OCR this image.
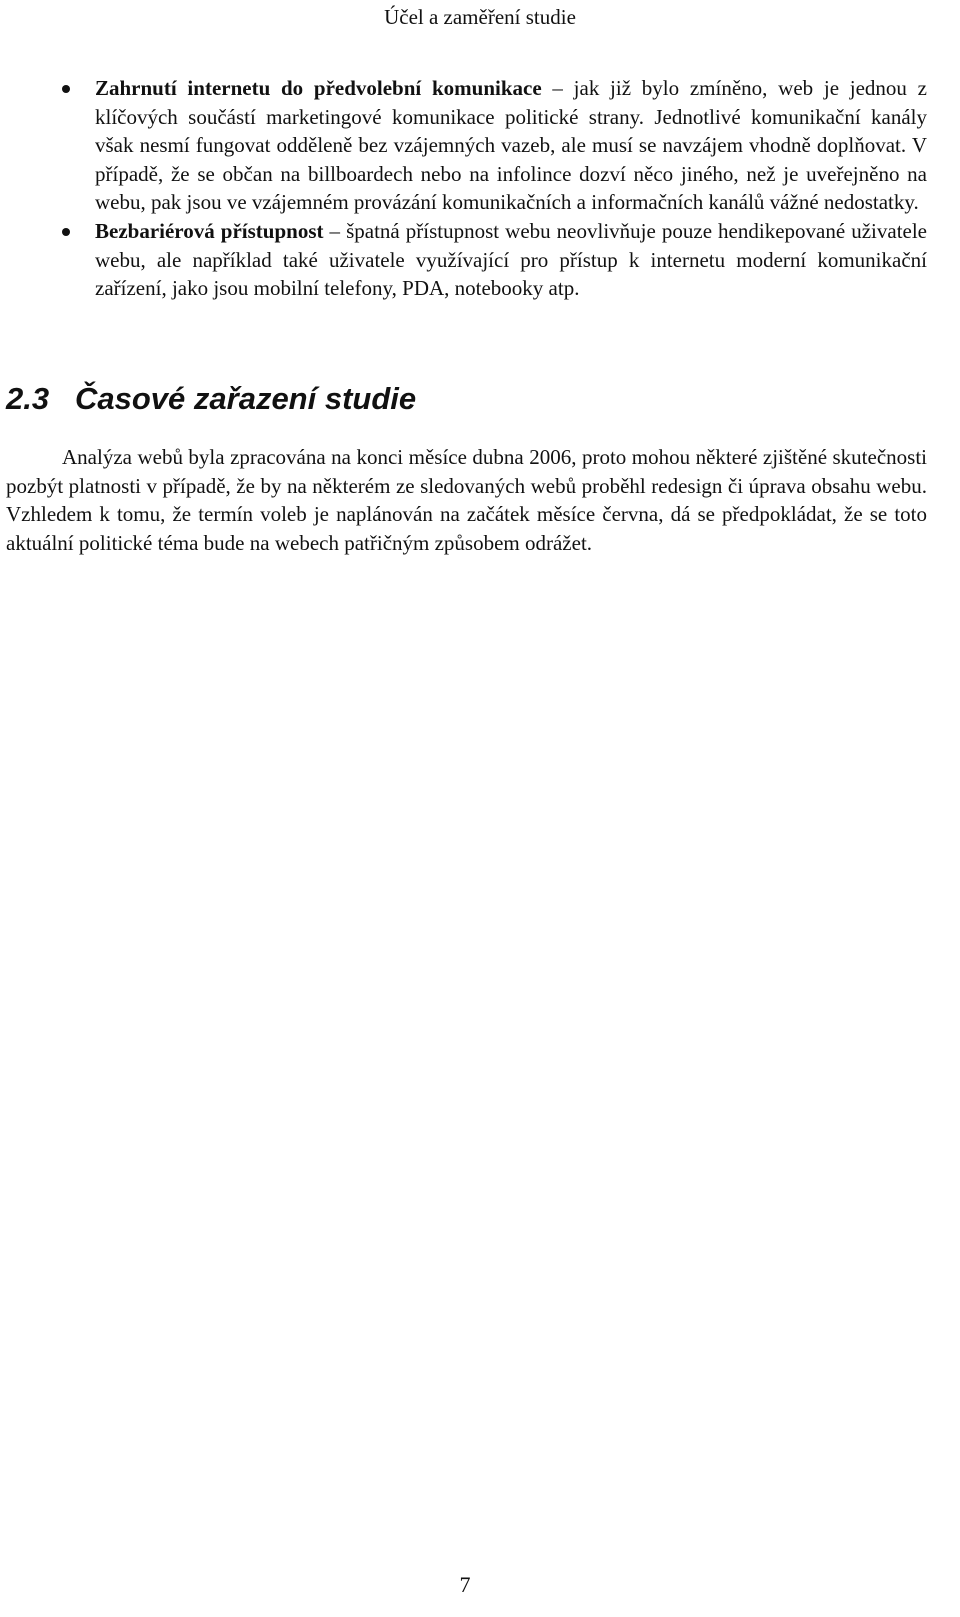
Účel a zaměření studie
Zahrnutí internetu do předvolební komunikace – jak již bylo zmíněno, web je jednou z klíčových součástí marketingové komunikace politické strany. Jednotlivé komunikační kanály však nesmí fungovat odděleně bez vzájemných vazeb, ale musí se navzájem vhodně doplňovat. V případě, že se občan na billboardech nebo na infolince dozví něco jiného, než je uveřejněno na webu, pak jsou ve vzájemném provázání komunikačních a informačních kanálů vážné nedostatky.
Bezbariérová přístupnost – špatná přístupnost webu neovlivňuje pouze hendikepované uživatele webu, ale například také uživatele využívající pro přístup k internetu moderní komunikační zařízení, jako jsou mobilní telefony, PDA, notebooky atp.
2.3 Časové zařazení studie

Analýza webů byla zpracována na konci měsíce dubna 2006, proto mohou některé zjištěné skutečnosti pozbýt platnosti v případě, že by na některém ze sledovaných webů proběhl redesign či úprava obsahu webu. Vzhledem k tomu, že termín voleb je naplánován na začátek měsíce června, dá se předpokládat, že se toto aktuální politické téma bude na webech patřičným způsobem odrážet.

7
